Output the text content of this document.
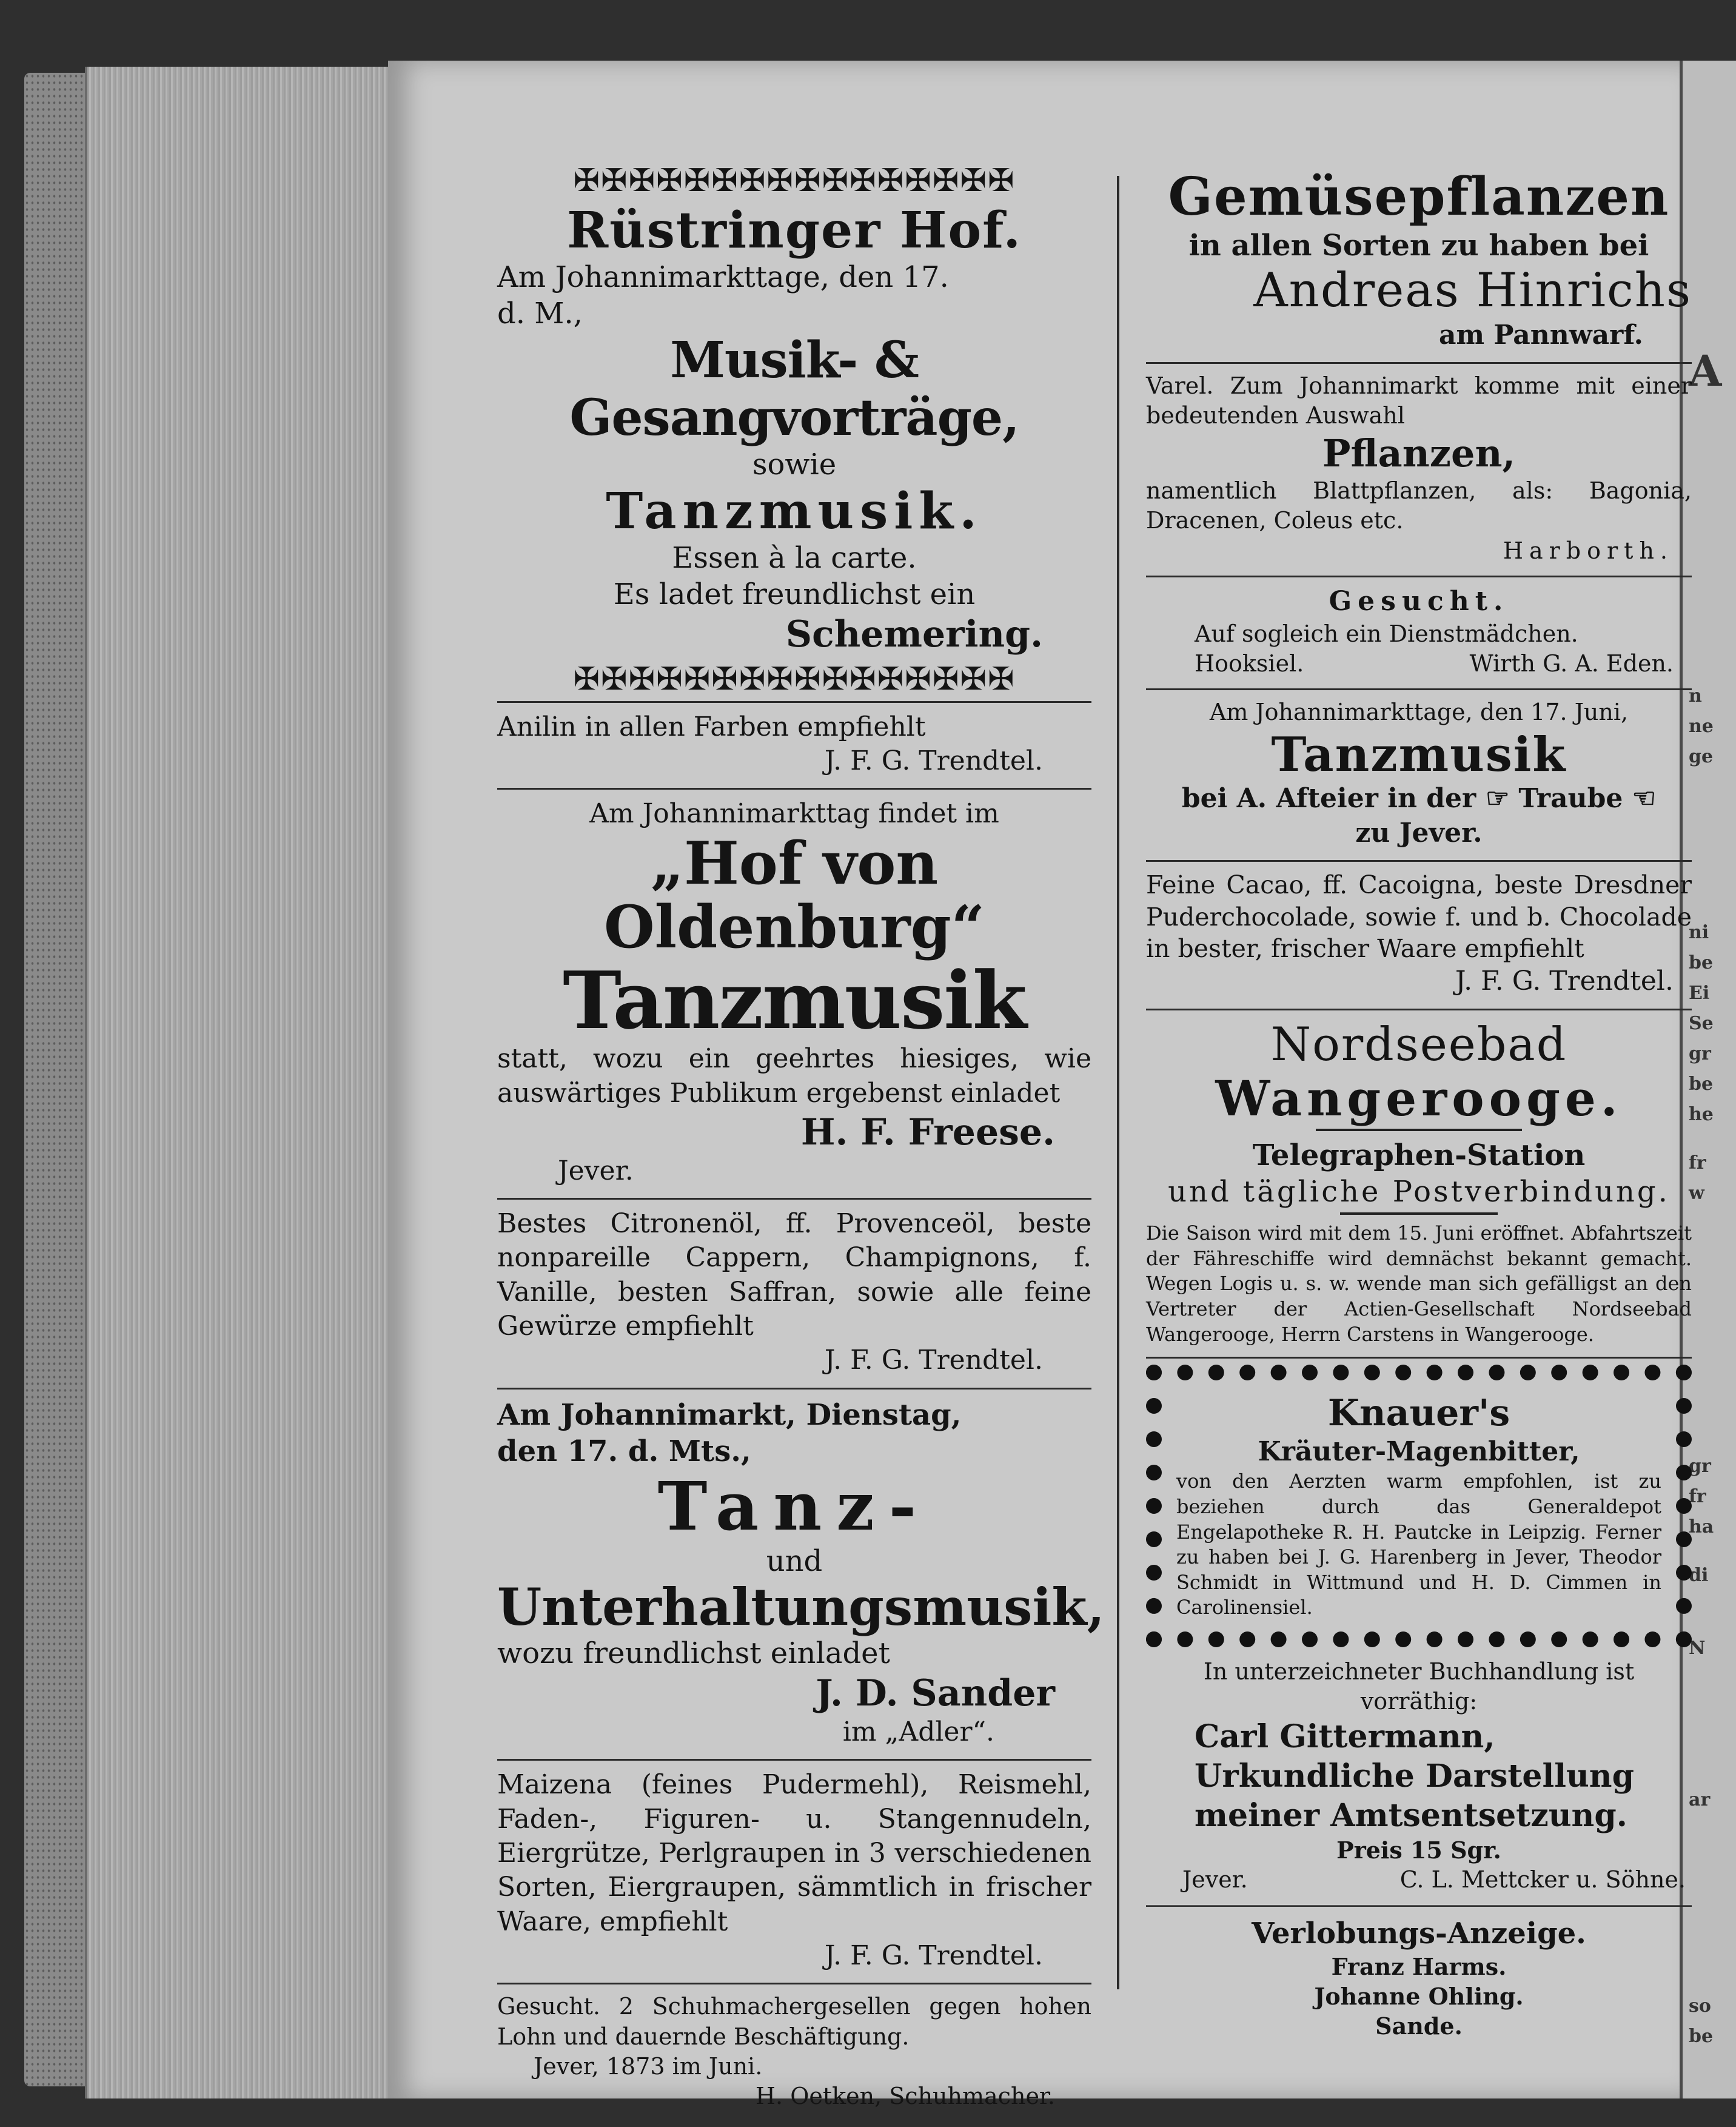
A
n
ne
ge
ni
be
Ei
Se
gr
be
he
fr
w
gr
fr
ha
di
N
ar
so
be
✠✠✠✠✠✠✠✠✠✠✠✠✠✠✠✠
Rüstringer Hof.
Am Johannimarkttage, den 17.
d. M.,
Musik- & Gesangvorträge,
sowie
Tanzmusik.
Essen à la carte.
Es ladet freundlichst ein
Schemering.
✠✠✠✠✠✠✠✠✠✠✠✠✠✠✠✠
Anilin in allen Farben empfiehlt
J. F. G. Trendtel.
Am Johannimarkttag findet im
„Hof von Oldenburg“
Tanzmusik
statt, wozu ein geehrtes hiesiges, wie auswärtiges Publikum ergebenst einladet
H. F. Freese.
Jever.
Bestes Citronenöl, ff. Provenceöl, beste nonpareille Cappern, Champignons, f. Vanille, besten Saffran, sowie alle feine Gewürze empfiehlt
J. F. G. Trendtel.
Am Johannimarkt, Dienstag,
den 17. d. Mts.,
Tanz-
und
Unterhaltungsmusik,
wozu freundlichst einladet
J. D. Sander
im „Adler“.
Maizena (feines Pudermehl), Reismehl, Faden-, Figuren- u. Stangennudeln, Eiergrütze, Perlgraupen in 3 verschiedenen Sorten, Eiergraupen, sämmtlich in frischer Waare, empfiehlt
J. F. G. Trendtel.
Gesucht. 2 Schuhmachergesellen gegen hohen Lohn und dauernde Beschäftigung.
Jever, 1873 im Juni.
H. Oetken, Schuhmacher.
Gemüsepflanzen
in allen Sorten zu haben bei
Andreas Hinrichs
am Pannwarf.
Varel. Zum Johannimarkt komme mit einer bedeutenden Auswahl
Pflanzen,
namentlich Blattpflanzen, als: Bagonia, Dracenen, Coleus etc.
Harborth.
Gesucht.
Auf sogleich ein Dienstmädchen.
Hooksiel.	Wirth G. A. Eden.
Am Johannimarkttage, den 17. Juni,
Tanzmusik
bei A. Afteier in der ☜ Traube ☜
zu Jever.
Feine Cacao, ff. Cacoigna, beste Dresdner Puderchocolade, sowie f. und b. Chocolade in bester, frischer Waare empfiehlt
J. F. G. Trendtel.
Nordseebad
Wangerooge.
Telegraphen-Station
und tägliche Postverbindung.
Die Saison wird mit dem 15. Juni eröffnet. Abfahrtszeit der Fähreschiffe wird demnächst bekannt gemacht. Wegen Logis u. s. w. wende man sich gefälligst an den Vertreter der Actien-Gesellschaft Nordseebad Wangerooge, Herrn Carstens in Wangerooge.
Knauer's
Kräuter-Magenbitter,
von den Aerzten warm empfohlen, ist zu beziehen durch das Generaldepot Engelapotheke R. H. Pautcke in Leipzig. Ferner zu haben bei J. G. Harenberg in Jever, Theodor Schmidt in Wittmund und H. D. Cimmen in Carolinensiel.
In unterzeichneter Buchhandlung ist vorräthig:
Carl Gittermann, Urkundliche Darstellung meiner Amtsentsetzung.
Preis 15 Sgr.
Jever.	C. L. Mettcker u. Söhne.
Verlobungs-Anzeige.
Franz Harms.
Johanne Ohling.
Sande.
